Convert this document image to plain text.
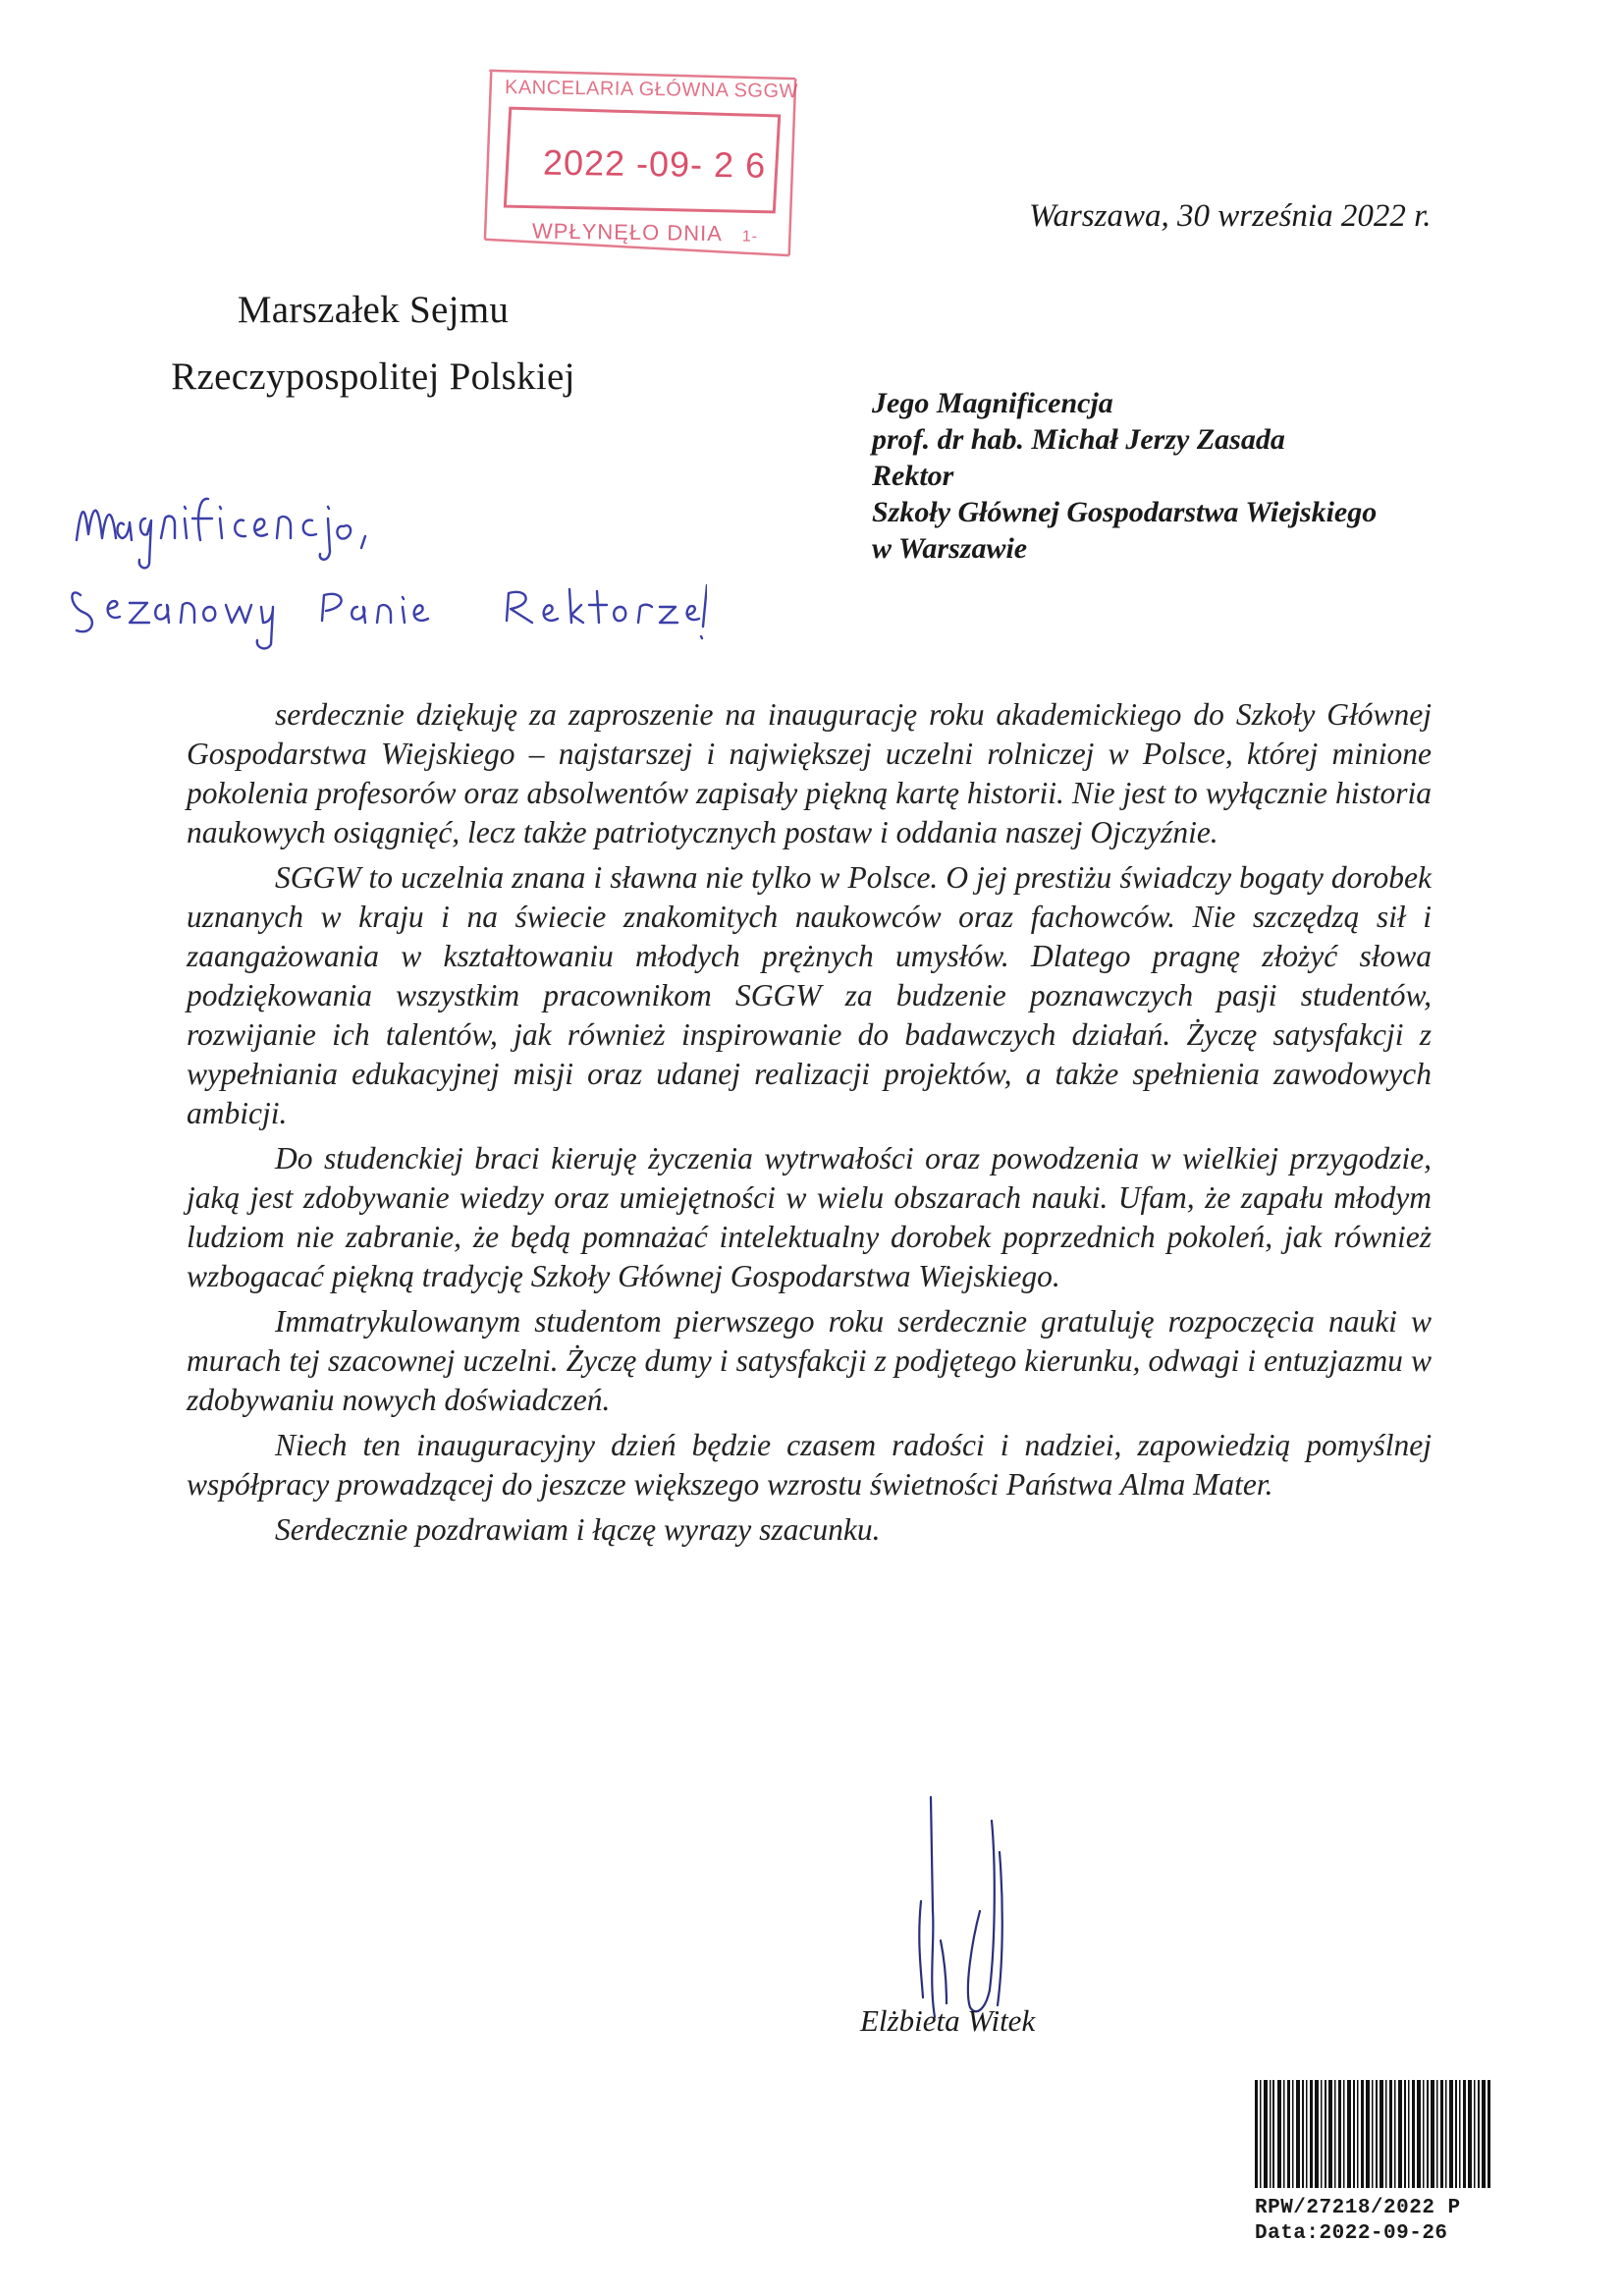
KANCELARIA GŁÓWNA SGGW
2022 -09- 2 6
WPŁYNĘŁO DNIA 1-
Warszawa, 30 września 2022 r.
Marszałek Sejmu
Rzeczypospolitej Polskiej
Jego Magnificencja
prof. dr hab. Michał Jerzy Zasada
Rektor
Szkoły Głównej Gospodarstwa Wiejskiego
w Warszawie

serdecznie dziękuję za zaproszenie na inaugurację roku akademickiego do Szkoły Głównej Gospodarstwa Wiejskiego – najstarszej i największej uczelni rolniczej w Polsce, której minione pokolenia profesorów oraz absolwentów zapisały piękną kartę historii. Nie jest to wyłącznie historia naukowych osiągnięć, lecz także patriotycznych postaw i oddania naszej Ojczyźnie.

SGGW to uczelnia znana i sławna nie tylko w Polsce. O jej prestiżu świadczy bogaty dorobek uznanych w kraju i na świecie znakomitych naukowców oraz fachowców. Nie szczędzą sił i zaangażowania w kształtowaniu młodych prężnych umysłów. Dlatego pragnę złożyć słowa podziękowania wszystkim pracownikom SGGW za budzenie poznawczych pasji studentów, rozwijanie ich talentów, jak również inspirowanie do badawczych działań. Życzę satysfakcji z wypełniania edukacyjnej misji oraz udanej realizacji projektów, a także spełnienia zawodowych ambicji.

Do studenckiej braci kieruję życzenia wytrwałości oraz powodzenia w wielkiej przygodzie, jaką jest zdobywanie wiedzy oraz umiejętności w wielu obszarach nauki. Ufam, że zapału młodym ludziom nie zabranie, że będą pomnażać intelektualny dorobek poprzednich pokoleń, jak również wzbogacać piękną tradycję Szkoły Głównej Gospodarstwa Wiejskiego.

Immatrykulowanym studentom pierwszego roku serdecznie gratuluję rozpoczęcia nauki w murach tej szacownej uczelni. Życzę dumy i satysfakcji z podjętego kierunku, odwagi i entuzjazmu w zdobywaniu nowych doświadczeń.

Niech ten inauguracyjny dzień będzie czasem radości i nadziei, zapowiedzią pomyślnej współpracy prowadzącej do jeszcze większego wzrostu świetności Państwa Alma Mater.

Serdecznie pozdrawiam i łączę wyrazy szacunku.

Elżbieta Witek
RPW/27218/2022 P
Data:2022-09-26
